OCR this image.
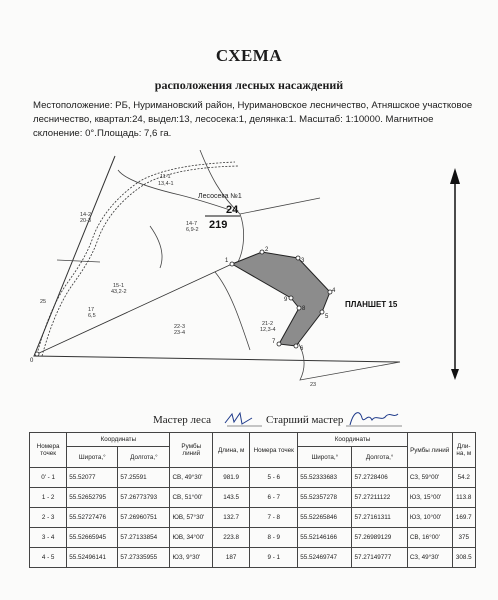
СХЕМА
расположения лесных насаждений
Местоположение: РБ, Нуримановский район, Нуримановское лесничество, Атняшское участковое лесничество, квартал:24, выдел:13, лесосека:1, делянка:1. Масштаб: 1:10000. Магнитное склонение: 0°.Площадь: 7,6 га.
0
1
2
3
4
5
6
7
8
9
11-1
13,4-1
14-2
20-3	14-7
6,9-2
15-1
43,2-2
17
6,5
25
22-3
23-4
21-2
12,3-4
23
Лесосека №1
24
219
ПЛАНШЕТ 15
Мастер леса	Старший мастер
Номера точек	Координаты		Румбы линий	Длина, м	Номера точек	Координаты		Румбы линий	Дли-на, м
	Широта,°	Долгота,°				Широта,°	Долгота,°		
0' - 1	55.52077	57.25591	СВ, 49°30'	981.9	5 - 6	55.52333683	57.2728406	СЗ, 59°00'	54.2
1 - 2	55.52652795	57.26773793	СВ, 51°00'	143.5	6 - 7	55.52357278	57.27211122	ЮЗ, 15°00'	113.8
2 - 3	55.52727476	57.26960751	ЮВ, 57°30'	132.7	7 - 8	55.52265846	57.27161311	ЮЗ, 10°00'	169.7
3 - 4	55.52665945	57.27133854	ЮВ, 34°00'	223.8	8 - 9	55.52146166	57.26989129	СВ, 16°00'	375
4 - 5	55.52496141	57.27335955	ЮЗ, 9°30'	187	9 - 1	55.52469747	57.27149777	СЗ, 49°30'	308.5
